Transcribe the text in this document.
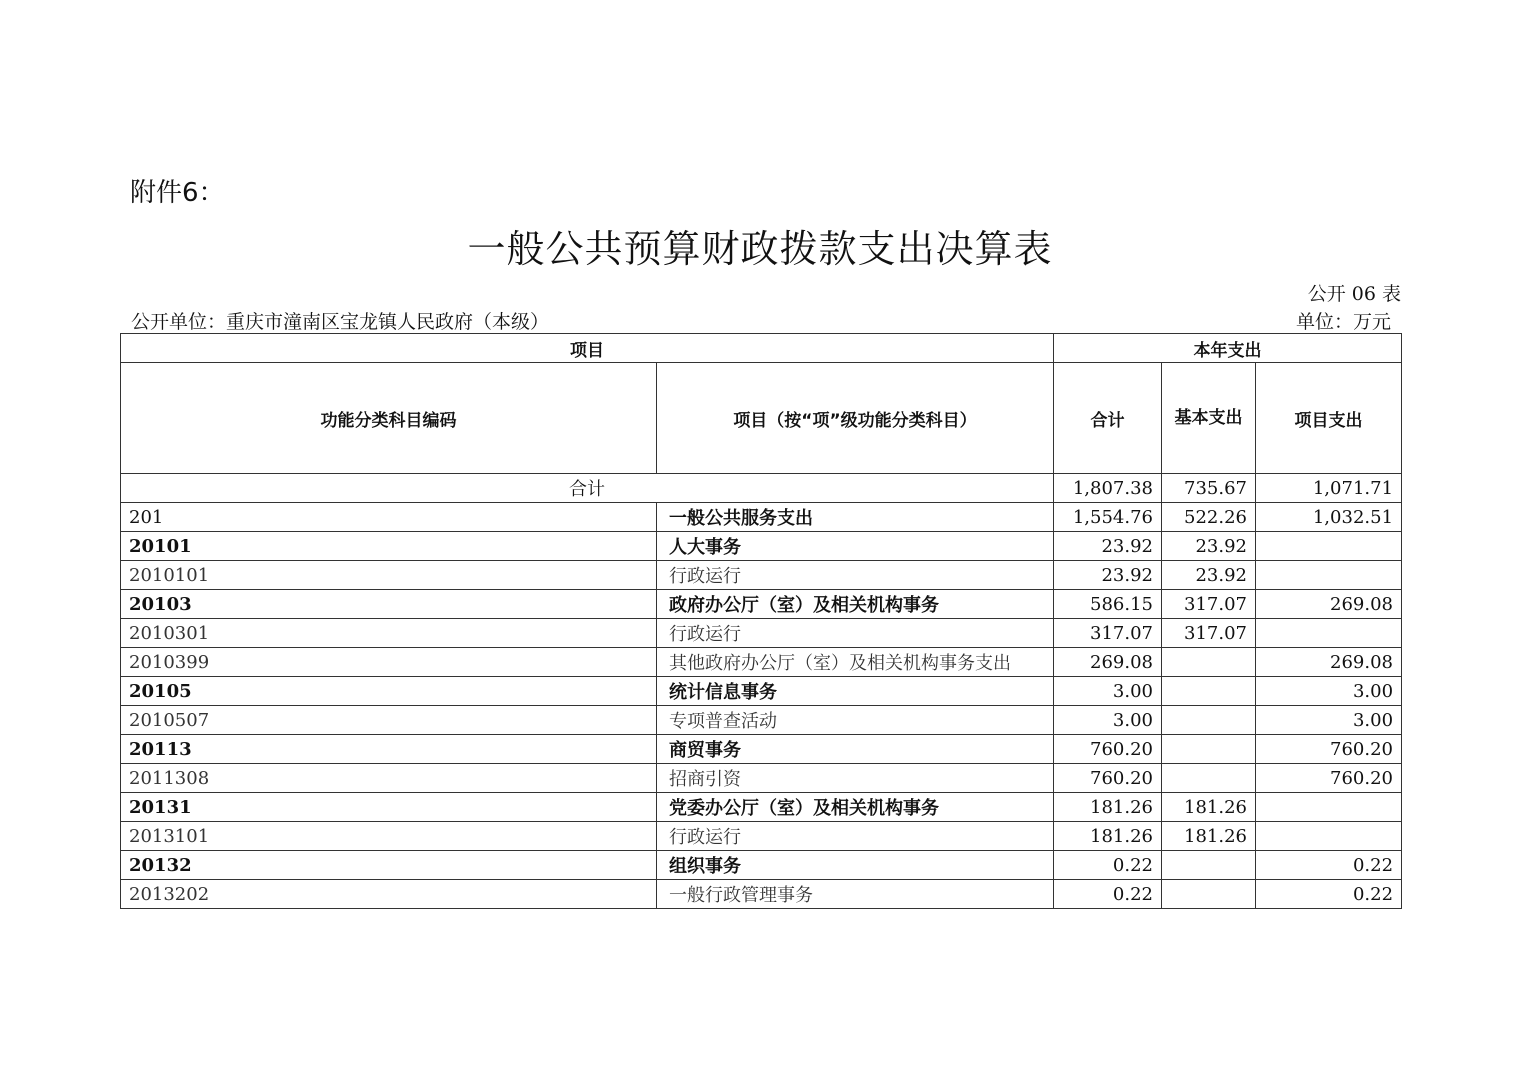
附件6：
一般公共预算财政拨款支出决算表
公开 06 表
公开单位：重庆市潼南区宝龙镇人民政府（本级）	单位：万元
项目		本年支出		
功能分类科目编码	项目（按“项”级功能分类科目）	合计	基本支出	项目支出
合计		1,807.38	735.67	1,071.71
201	一般公共服务支出	1,554.76	522.26	1,032.51
20101	人大事务	23.92	23.92	
2010101	行政运行	23.92	23.92	
20103	政府办公厅（室）及相关机构事务	586.15	317.07	269.08
2010301	行政运行	317.07	317.07	
2010399	其他政府办公厅（室）及相关机构事务支出	269.08		269.08
20105	统计信息事务	3.00		3.00
2010507	专项普查活动	3.00		3.00
20113	商贸事务	760.20		760.20
2011308	招商引资	760.20		760.20
20131	党委办公厅（室）及相关机构事务	181.26	181.26	
2013101	行政运行	181.26	181.26	
20132	组织事务	0.22		0.22
2013202	一般行政管理事务	0.22		0.22
